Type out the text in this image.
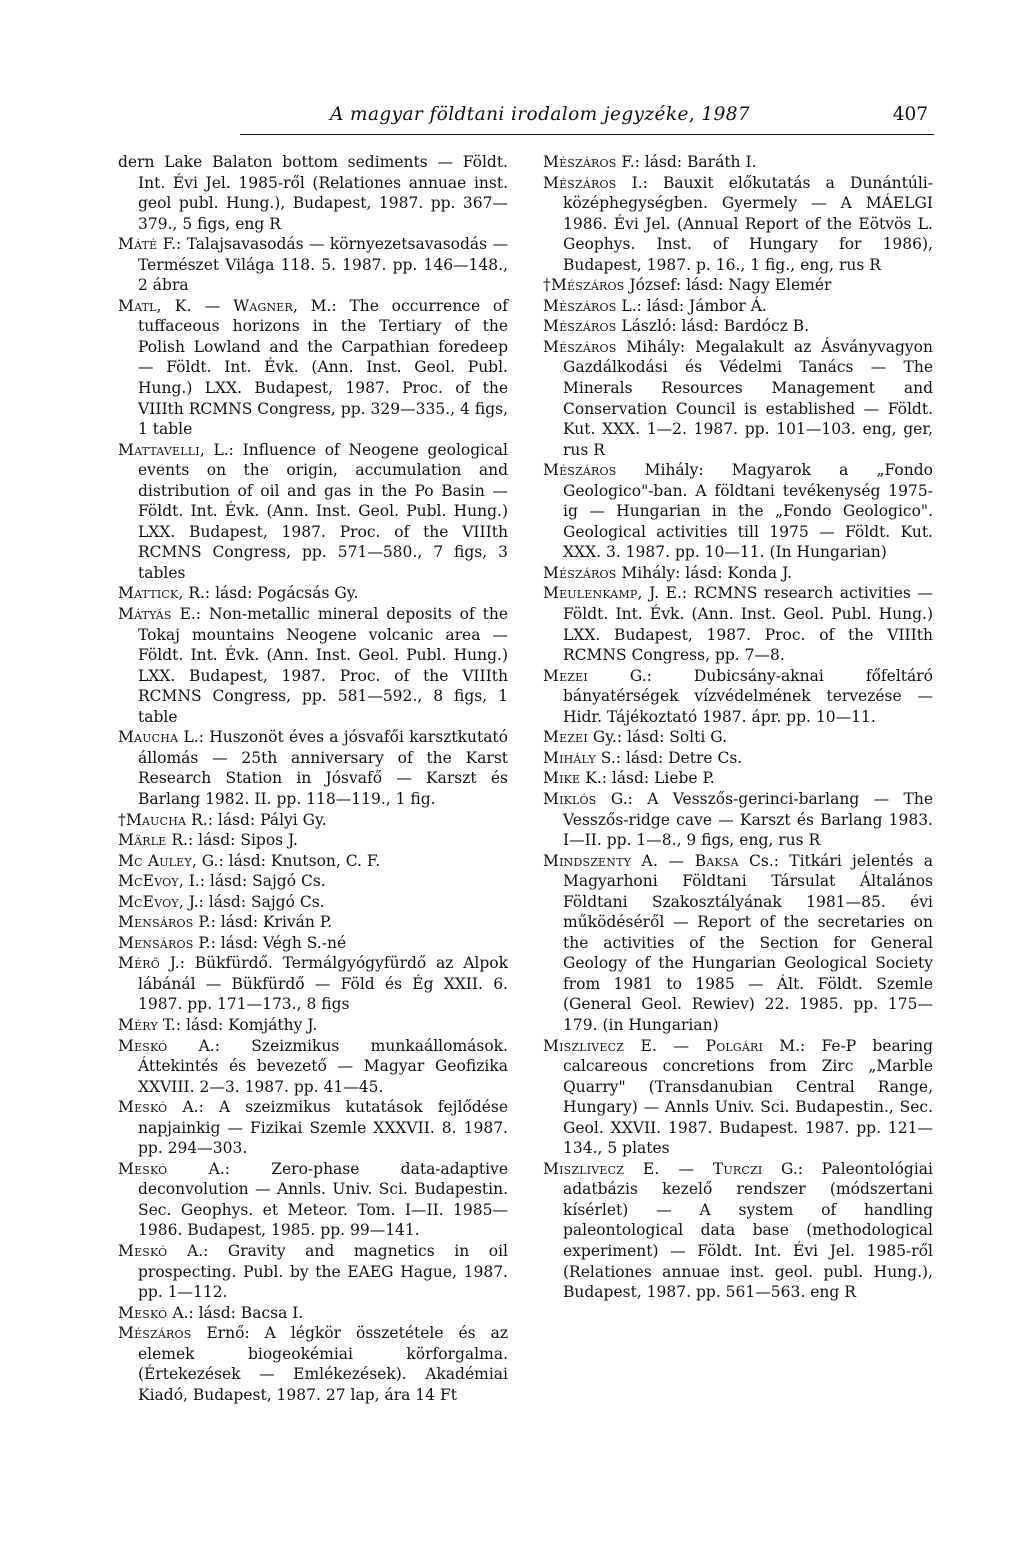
A magyar földtani irodalom jegyzéke, 1987	407

dern Lake Balaton bottom sediments — Földt. Int. Évi Jel. 1985-ről (Relationes annuae inst. geol publ. Hung.), Budapest, 1987. pp. 367—379., 5 figs, eng R

Máté F.: Talajsavasodás — környezetsavasodás — Természet Világa 118. 5. 1987. pp. 146—148., 2 ábra

Matl, K. — Wagner, M.: The occurrence of tuffaceous horizons in the Tertiary of the Polish Lowland and the Carpathian foredeep — Földt. Int. Évk. (Ann. Inst. Geol. Publ. Hung.) LXX. Budapest, 1987. Proc. of the VIIIth RCMNS Congress, pp. 329—335., 4 figs, 1 table

Mattavelli, L.: Influence of Neogene geological events on the origin, accumulation and distribution of oil and gas in the Po Basin — Földt. Int. Évk. (Ann. Inst. Geol. Publ. Hung.) LXX. Budapest, 1987. Proc. of the VIIIth RCMNS Congress, pp. 571—580., 7 figs, 3 tables

Mattick, R.: lásd: Pogácsás Gy.

Mátyás E.: Non-metallic mineral deposits of the Tokaj mountains Neogene volcanic area — Földt. Int. Évk. (Ann. Inst. Geol. Publ. Hung.) LXX. Budapest, 1987. Proc. of the VIIIth RCMNS Congress, pp. 581—592., 8 figs, 1 table

Maucha L.: Huszonöt éves a jósvafői karsztkutató állomás — 25th anniversary of the Karst Research Station in Jósvafő — Karszt és Barlang 1982. II. pp. 118—119., 1 fig.

†Maucha R.: lásd: Pályi Gy.

Märle R.: lásd: Sipos J.

Mc Auley, G.: lásd: Knutson, C. F.

McEvoy, I.: lásd: Sajgó Cs.

McEvoy, J.: lásd: Sajgó Cs.

Mensáros P.: lásd: Kriván P.

Mensáros P.: lásd: Végh S.-né

Mérő J.: Bükfürdő. Termálgyógyfürdő az Alpok lábánál — Bükfürdő — Föld és Ég XXII. 6. 1987. pp. 171—173., 8 figs

Méry T.: lásd: Komjáthy J.

Meskó A.: Szeizmikus munkaállomások. Áttekintés és bevezető — Magyar Geofizika XXVIII. 2—3. 1987. pp. 41—45.

Meskó A.: A szeizmikus kutatások fejlődése napjainkig — Fizikai Szemle XXXVII. 8. 1987. pp. 294—303.

Meskó A.: Zero-phase data-adaptive deconvolution — Annls. Univ. Sci. Budapestin. Sec. Geophys. et Meteor. Tom. I—II. 1985—1986. Budapest, 1985. pp. 99—141.

Meskó A.: Gravity and magnetics in oil prospecting. Publ. by the EAEG Hague, 1987. pp. 1—112.

Meskó A.: lásd: Bacsa I.

Mészáros Ernő: A légkör összetétele és az elemek biogeokémiai körforgalma. (Értekezések — Emlékezések). Akadémiai Kiadó, Budapest, 1987. 27 lap, ára 14 Ft

Mészáros F.: lásd: Baráth I.

Mészáros I.: Bauxit előkutatás a Dunántúli-középhegységben. Gyermely — A MÁELGI 1986. Évi Jel. (Annual Report of the Eötvös L. Geophys. Inst. of Hungary for 1986), Budapest, 1987. p. 16., 1 fig., eng, rus R

†Mészáros József: lásd: Nagy Elemér

Mészáros L.: lásd: Jámbor Á.

Mészáros László: lásd: Bardócz B.

Mészáros Mihály: Megalakult az Ásványvagyon Gazdálkodási és Védelmi Tanács — The Minerals Resources Management and Conservation Council is established — Földt. Kut. XXX. 1—2. 1987. pp. 101—103. eng, ger, rus R

Mészáros Mihály: Magyarok a „Fondo Geologico"-ban. A földtani tevékenység 1975-ig — Hungarian in the „Fondo Geologico". Geological activities till 1975 — Földt. Kut. XXX. 3. 1987. pp. 10—11. (In Hungarian)

Mészáros Mihály: lásd: Konda J.

Meulenkamp, J. E.: RCMNS research activities — Földt. Int. Évk. (Ann. Inst. Geol. Publ. Hung.) LXX. Budapest, 1987. Proc. of the VIIIth RCMNS Congress, pp. 7—8.

Mezei G.: Dubicsány-aknai főfeltáró bányatérségek vízvédelmének tervezése — Hidr. Tájékoztató 1987. ápr. pp. 10—11.

Mezei Gy.: lásd: Solti G.

Mihály S.: lásd: Detre Cs.

Mike K.: lásd: Liebe P.

Miklós G.: A Vesszős-gerinci-barlang — The Vesszős-ridge cave — Karszt és Barlang 1983. I—II. pp. 1—8., 9 figs, eng, rus R

Mindszenty A. — Baksa Cs.: Titkári jelentés a Magyarhoni Földtani Társulat Általános Földtani Szakosztályának 1981—85. évi működéséről — Report of the secretaries on the activities of the Section for General Geology of the Hungarian Geological Society from 1981 to 1985 — Ált. Földt. Szemle (General Geol. Rewiev) 22. 1985. pp. 175—179. (in Hungarian)

Miszlivecz E. — Polgári M.: Fe-P bearing calcareous concretions from Zirc „Marble Quarry" (Transdanubian Central Range, Hungary) — Annls Univ. Sci. Budapestin., Sec. Geol. XXVII. 1987. Budapest. 1987. pp. 121—134., 5 plates

Miszlivecz E. — Turczi G.: Paleontológiai adatbázis kezelő rendszer (módszertani kísérlet) — A system of handling paleontological data base (methodological experiment) — Földt. Int. Évi Jel. 1985-ről (Relationes annuae inst. geol. publ. Hung.), Budapest, 1987. pp. 561—563. eng R
